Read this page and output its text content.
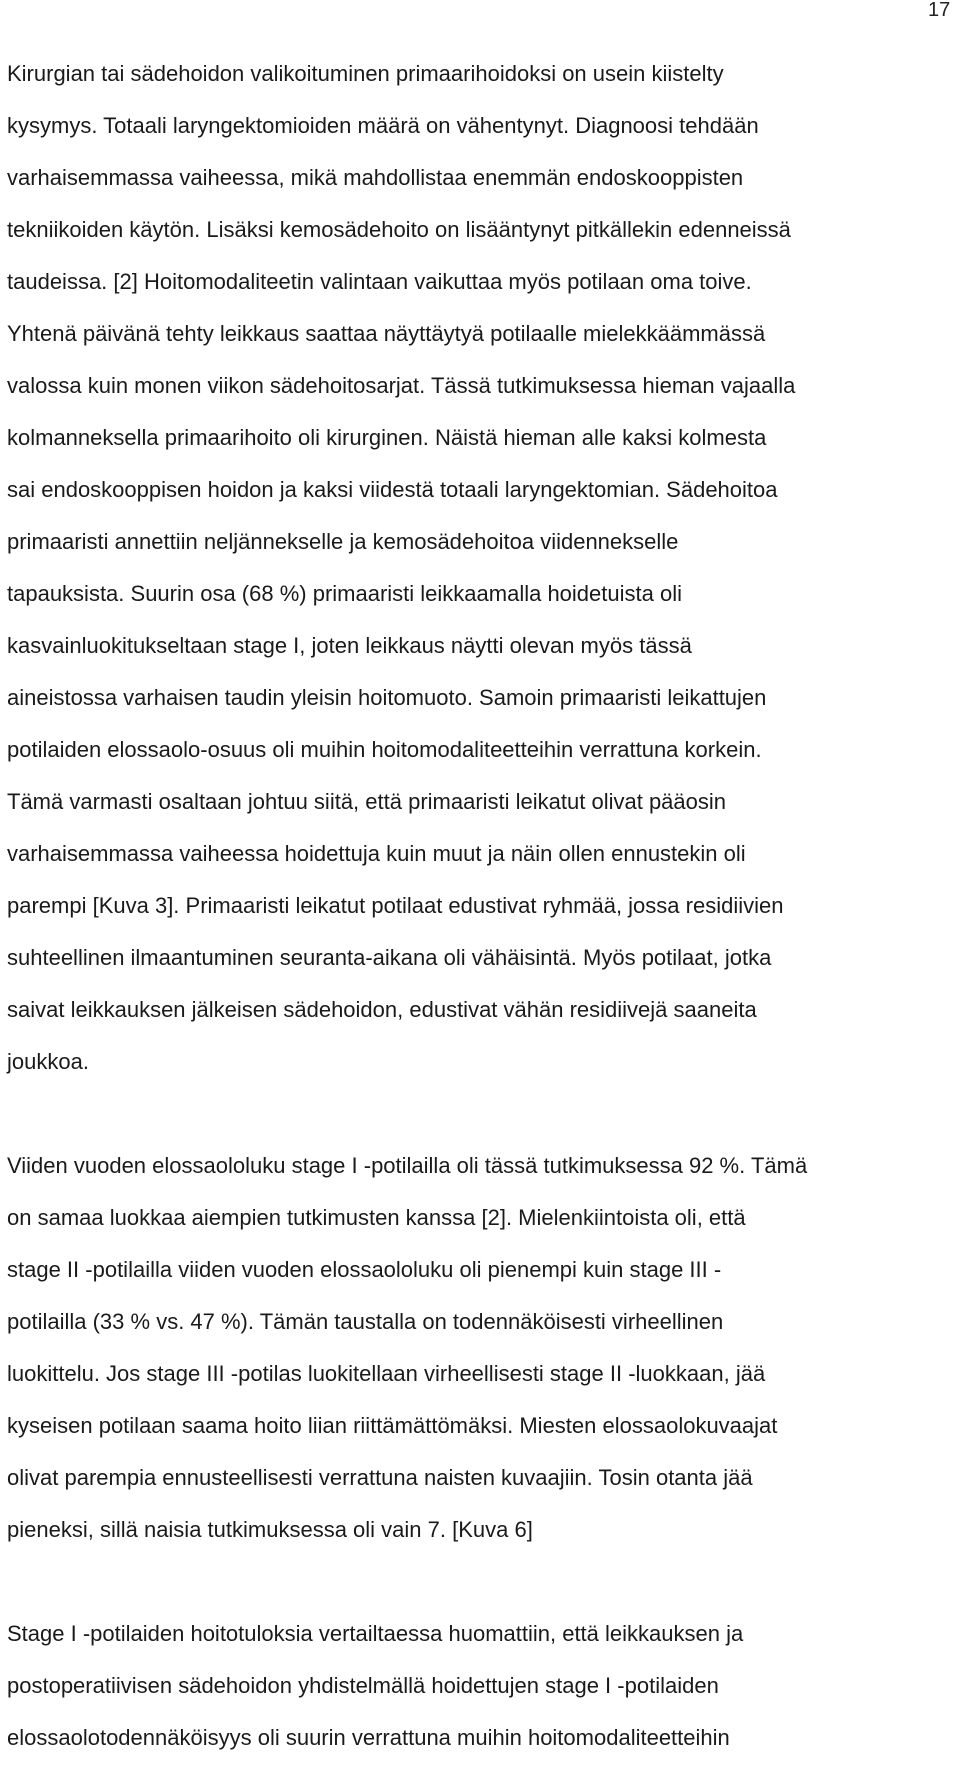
17

Kirurgian tai sädehoidon valikoituminen primaarihoidoksi on usein kiistelty
kysymys. Totaali laryngektomioiden määrä on vähentynyt. Diagnoosi tehdään
varhaisemmassa vaiheessa, mikä mahdollistaa enemmän endoskooppisten
tekniikoiden käytön. Lisäksi kemosädehoito on lisääntynyt pitkällekin edenneissä
taudeissa. [2] Hoitomodaliteetin valintaan vaikuttaa myös potilaan oma toive.
Yhtenä päivänä tehty leikkaus saattaa näyttäytyä potilaalle mielekkäämmässä
valossa kuin monen viikon sädehoitosarjat. Tässä tutkimuksessa hieman vajaalla
kolmanneksella primaarihoito oli kirurginen. Näistä hieman alle kaksi kolmesta
sai endoskooppisen hoidon ja kaksi viidestä totaali laryngektomian. Sädehoitoa
primaaristi annettiin neljännekselle ja kemosädehoitoa viidennekselle
tapauksista. Suurin osa (68 %) primaaristi leikkaamalla hoidetuista oli
kasvainluokitukseltaan stage I, joten leikkaus näytti olevan myös tässä
aineistossa varhaisen taudin yleisin hoitomuoto. Samoin primaaristi leikattujen
potilaiden elossaolo-osuus oli muihin hoitomodaliteetteihin verrattuna korkein.
Tämä varmasti osaltaan johtuu siitä, että primaaristi leikatut olivat pääosin
varhaisemmassa vaiheessa hoidettuja kuin muut ja näin ollen ennustekin oli
parempi [Kuva 3]. Primaaristi leikatut potilaat edustivat ryhmää, jossa residiivien
suhteellinen ilmaantuminen seuranta-aikana oli vähäisintä. Myös potilaat, jotka
saivat leikkauksen jälkeisen sädehoidon, edustivat vähän residiivejä saaneita
joukkoa.

Viiden vuoden elossaololuku stage I -potilailla oli tässä tutkimuksessa 92 %. Tämä
on samaa luokkaa aiempien tutkimusten kanssa [2]. Mielenkiintoista oli, että
stage II -potilailla viiden vuoden elossaololuku oli pienempi kuin stage III -
potilailla (33 % vs. 47 %). Tämän taustalla on todennäköisesti virheellinen
luokittelu. Jos stage III -potilas luokitellaan virheellisesti stage II -luokkaan, jää
kyseisen potilaan saama hoito liian riittämättömäksi. Miesten elossaolokuvaajat
olivat parempia ennusteellisesti verrattuna naisten kuvaajiin. Tosin otanta jää
pieneksi, sillä naisia tutkimuksessa oli vain 7. [Kuva 6]

Stage I -potilaiden hoitotuloksia vertailtaessa huomattiin, että leikkauksen ja
postoperatiivisen sädehoidon yhdistelmällä hoidettujen stage I -potilaiden
elossaolotodennäköisyys oli suurin verrattuna muihin hoitomodaliteetteihin
